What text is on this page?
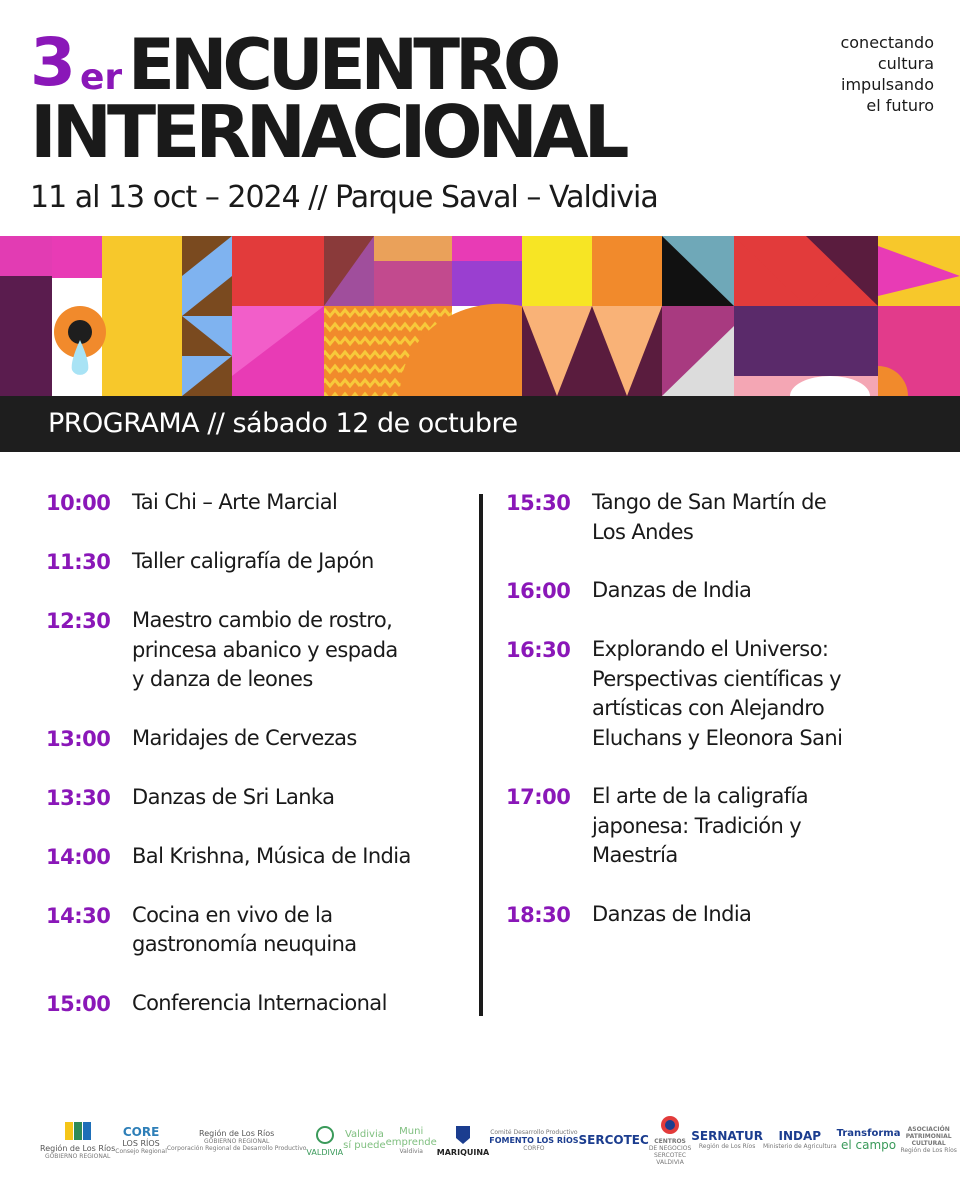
3 er ENCUENTRO
INTERNACIONAL
11 al 13 oct – 2024 // Parque Saval – Valdivia
conectando
cultura
impulsando
el futuro
PROGRAMA // sábado 12 de octubre
10:00	Tai Chi – Arte Marcial
11:30	Taller caligrafía de Japón
12:30	Maestro cambio de rostro,
princesa abanico y espada
y danza de leones
13:00	Maridajes de Cervezas
13:30	Danzas de Sri Lanka
14:00	Bal Krishna, Música de India
14:30	Cocina en vivo de la
gastronomía neuquina
15:00	Conferencia Internacional
15:30	Tango de San Martín de
Los Andes
16:00	Danzas de India
16:30	Explorando el Universo:
Perspectivas científicas y
artísticas con Alejandro
Eluchans y Eleonora Sani
17:00	El arte de la caligrafía
japonesa: Tradición y
Maestría
18:30	Danzas de India
Región de Los Ríos
GOBIERNO REGIONAL
CORE
LOS RÍOS
Consejo Regional
Región de Los Ríos
GOBIERNO REGIONAL
Corporación Regional de Desarrollo Productivo VALDIVIA
Valdivia
sí puede
Muni
emprende
Valdivia MARIQUINA
Comité Desarrollo Productivo
FOMENTO LOS RÍOS
CORFO
SERCOTEC CENTROS
DE NEGOCIOS
SERCOTEC
VALDIVIA
SERNATUR
Región de Los Ríos
INDAP
Ministerio de Agricultura
Transforma
el campo
ASOCIACIÓN
PATRIMONIAL
CULTURAL
Región de Los Ríos
